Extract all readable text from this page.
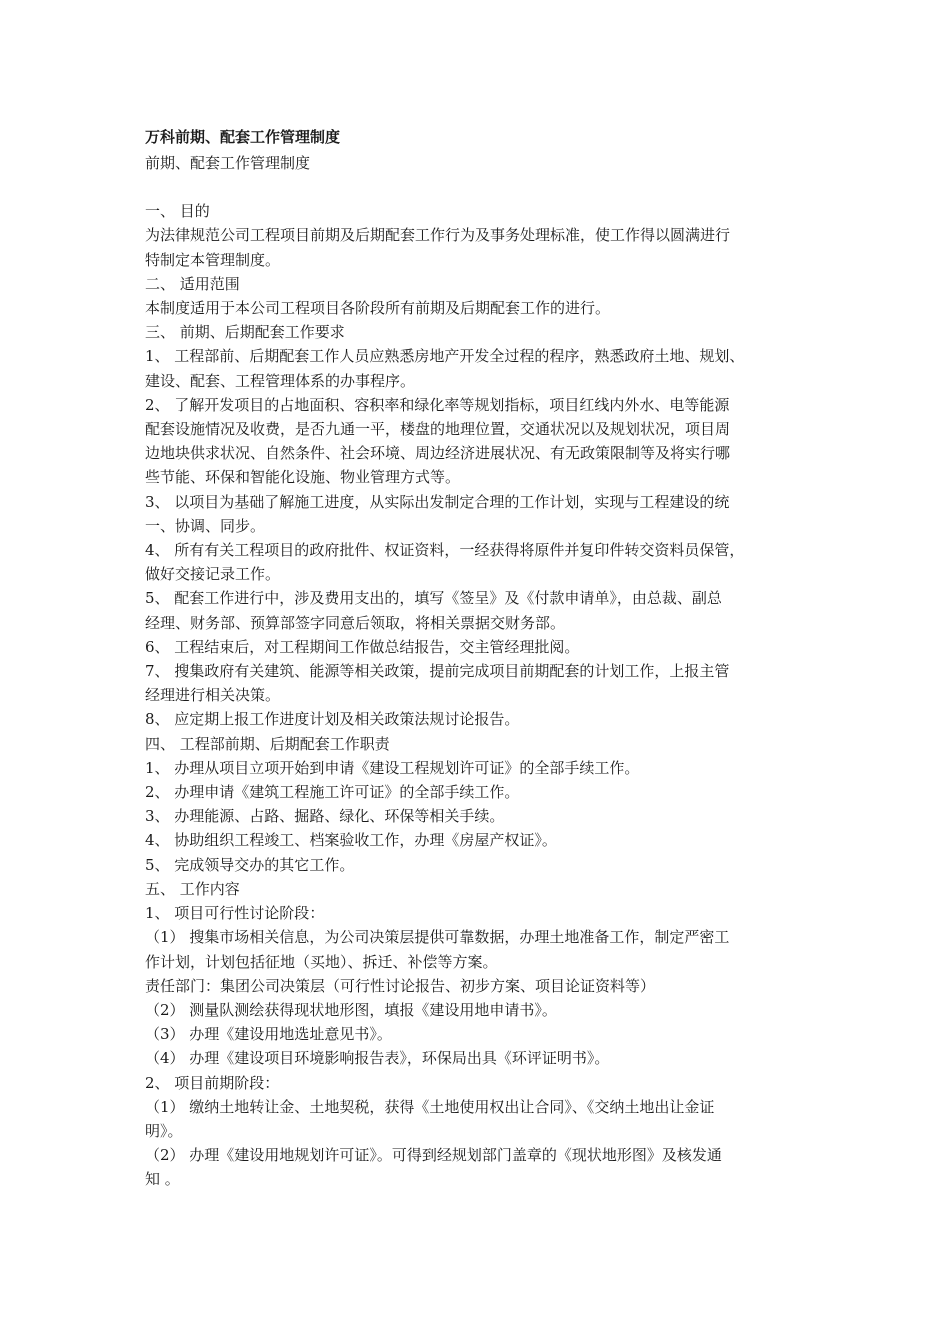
万科前期、配套工作管理制度
前期、配套工作管理制度
一、 目的
为法律规范公司工程项目前期及后期配套工作行为及事务处理标准，使工作得以圆满进行
特制定本管理制度。
二、 适用范围
本制度适用于本公司工程项目各阶段所有前期及后期配套工作的进行。
三、 前期、后期配套工作要求
1、 工程部前、后期配套工作人员应熟悉房地产开发全过程的程序，熟悉政府土地、规划、
建设、配套、工程管理体系的办事程序。
2、 了解开发项目的占地面积、容积率和绿化率等规划指标，项目红线内外水、电等能源
配套设施情况及收费，是否九通一平，楼盘的地理位置，交通状况以及规划状况，项目周
边地块供求状况、自然条件、社会环境、周边经济进展状况、有无政策限制等及将实行哪
些节能、环保和智能化设施、物业管理方式等。
3、 以项目为基础了解施工进度，从实际出发制定合理的工作计划，实现与工程建设的统
一、协调、同步。
4、 所有有关工程项目的政府批件、权证资料，一经获得将原件并复印件转交资料员保管，
做好交接记录工作。
5、 配套工作进行中，涉及费用支出的，填写《签呈》及《付款申请单》，由总裁、副总
经理、财务部、预算部签字同意后领取，将相关票据交财务部。
6、 工程结束后，对工程期间工作做总结报告，交主管经理批阅。
7、 搜集政府有关建筑、能源等相关政策，提前完成项目前期配套的计划工作，上报主管
经理进行相关决策。
8、 应定期上报工作进度计划及相关政策法规讨论报告。
四、 工程部前期、后期配套工作职责
1、 办理从项目立项开始到申请《建设工程规划许可证》的全部手续工作。
2、 办理申请《建筑工程施工许可证》的全部手续工作。
3、 办理能源、占路、掘路、绿化、环保等相关手续。
4、 协助组织工程竣工、档案验收工作，办理《房屋产权证》。
5、 完成领导交办的其它工作。
五、 工作内容
1、 项目可行性讨论阶段：
（1） 搜集市场相关信息，为公司决策层提供可靠数据，办理土地准备工作，制定严密工
作计划，计划包括征地（买地）、拆迁、补偿等方案。
责任部门：集团公司决策层（可行性讨论报告、初步方案、项目论证资料等）
（2） 测量队测绘获得现状地形图，填报《建设用地申请书》。
（3） 办理《建设用地选址意见书》。
（4） 办理《建设项目环境影响报告表》，环保局出具《环评证明书》。
2、 项目前期阶段：
（1） 缴纳土地转让金、土地契税，获得《土地使用权出让合同》、《交纳土地出让金证
明》。
（2） 办理《建设用地规划许可证》。可得到经规划部门盖章的《现状地形图》及核发通
知 。
